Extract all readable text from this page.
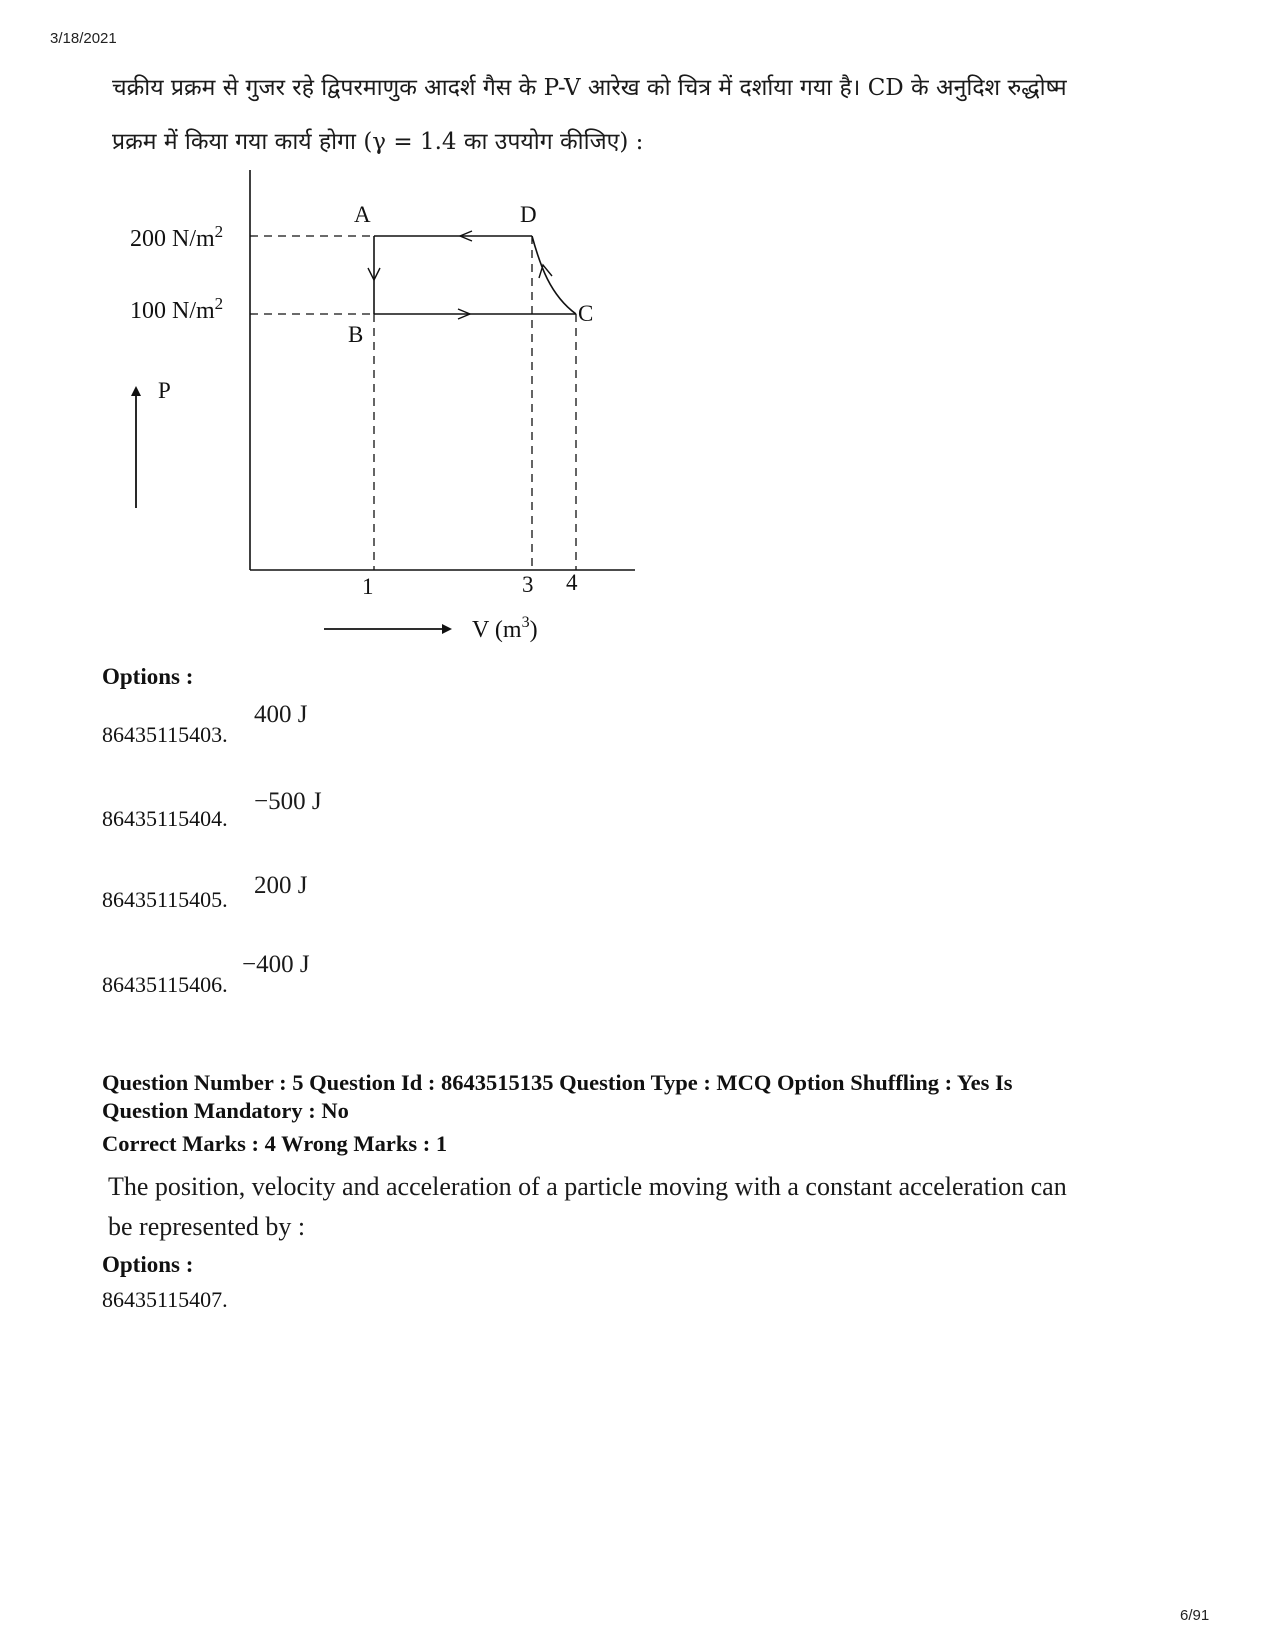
3/18/2021
चक्रीय प्रक्रम से गुजर रहे द्विपरमाणुक आदर्श गैस के P-V आरेख को चित्र में दर्शाया गया है। CD के अनुदिश रुद्धोष्म
प्रक्रम में किया गया कार्य होगा (γ = 1.4 का उपयोग कीजिए) :
A	D
B
C
200 $N/m^2$
100 $N/m^2$
P
1	3 4
V $(m^3)$
Options :
86435115403.
400 J
86435115404.
−500 J
86435115405.
200 J
86435115406.
−400 J
Question Number : 5 Question Id : 8643515135 Question Type : MCQ Option Shuffling : Yes Is
Question Mandatory : No
Correct Marks : 4 Wrong Marks : 1
The position, velocity and acceleration of a particle moving with a constant acceleration can
be represented by :
Options :
86435115407.
6/91
